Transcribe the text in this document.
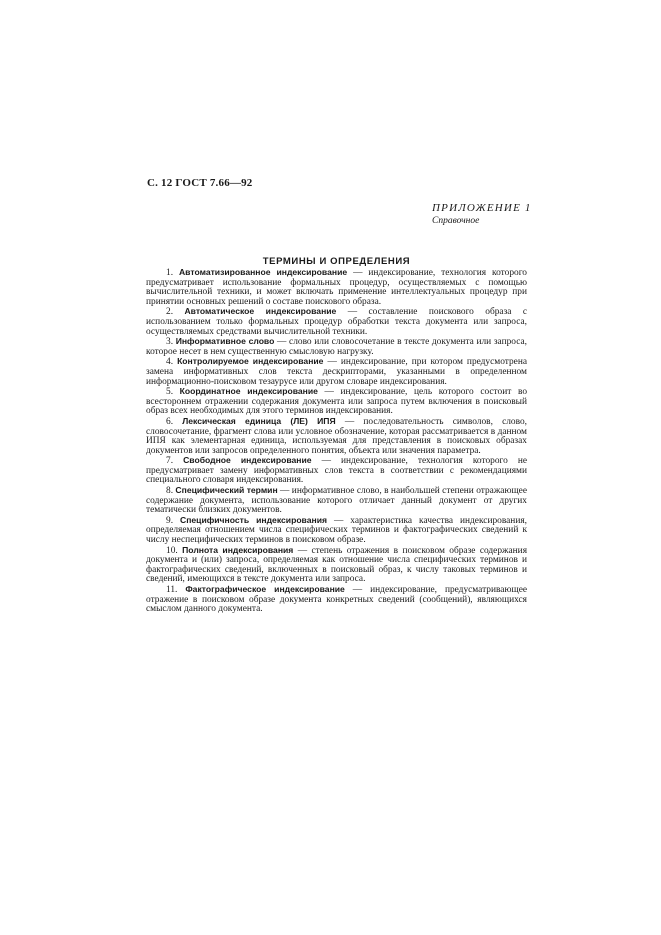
С. 12 ГОСТ 7.66—92
ПРИЛОЖЕНИЕ 1
Справочное
ТЕРМИНЫ И ОПРЕДЕЛЕНИЯ

1. Автоматизированное индексирование — индексирование, технология которого предусматривает использование формальных процедур, осуществляемых с помощью вычислительной техники, и может включать применение интеллектуальных процедур при принятии основных решений о составе поискового образа.

2. Автоматическое индексирование — составление поискового образа с использованием только формальных процедур обработки текста документа или запроса, осуществляемых средствами вычислительной техники.

3. Информативное слово — слово или словосочетание в тексте документа или запроса, которое несет в нем существенную смысловую нагрузку.

4. Контролируемое индексирование — индексирование, при котором предусмотрена замена информативных слов текста дескрипторами, указанными в определенном информационно-поисковом тезаурусе или другом словаре индексирования.

5. Координатное индексирование — индексирование, цель которого состоит во всестороннем отражении содержания документа или запроса путем включения в поисковый образ всех необходимых для этого терминов индексирования.

6. Лексическая единица (ЛЕ) ИПЯ — последовательность символов, слово, словосочетание, фрагмент слова или условное обозначение, которая рассматривается в данном ИПЯ как элементарная единица, используемая для представления в поисковых образах документов или запросов определенного понятия, объекта или значения параметра.

7. Свободное индексирование — индексирование, технология которого не предусматривает замену информативных слов текста в соответствии с рекомендациями специального словаря индексирования.

8. Специфический термин — информативное слово, в наибольшей степени отражающее содержание документа, использование которого отличает данный документ от других тематически близких документов.

9. Специфичность индексирования — характеристика качества индексирования, определяемая отношением числа специфических терминов и фактографических сведений к числу неспецифических терминов в поисковом образе.

10. Полнота индексирования — степень отражения в поисковом образе содержания документа и (или) запроса, определяемая как отношение числа специфических терминов и фактографических сведений, включенных в поисковый образ, к числу таковых терминов и сведений, имеющихся в тексте документа или запроса.

11. Фактографическое индексирование — индексирование, предусматривающее отражение в поисковом образе документа конкретных сведений (сообщений), являющихся смыслом данного документа.
